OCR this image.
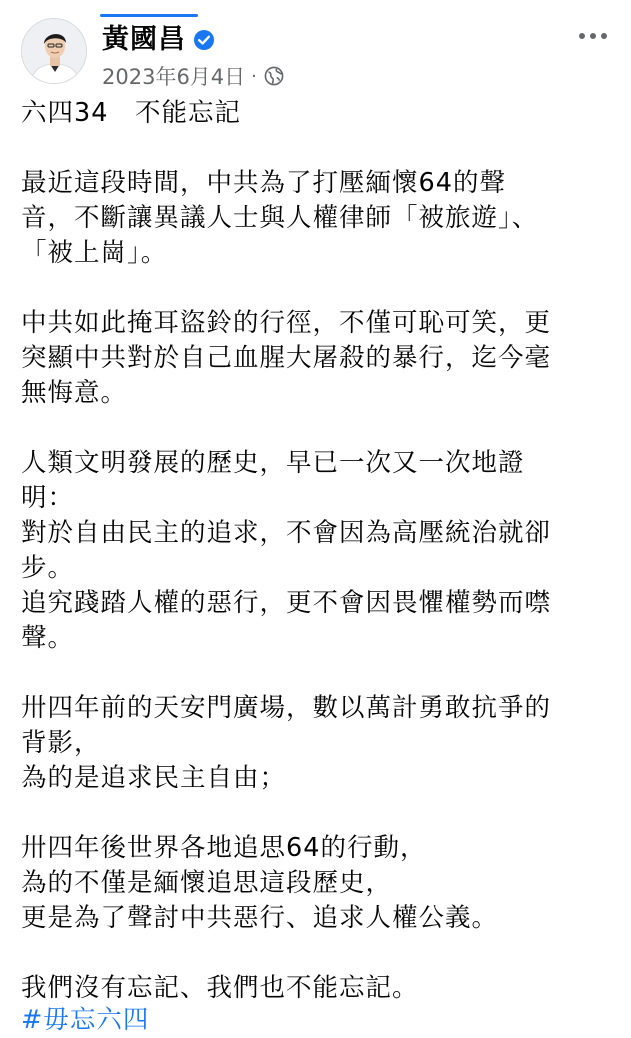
黃國昌
2023年6月4日 ·
六四34　不能忘記
最近這段時間，中共為了打壓緬懷64的聲
音，不斷讓異議人士與人權律師「被旅遊」、
「被上崗」。
中共如此掩耳盜鈴的行徑，不僅可恥可笑，更
突顯中共對於自己血腥大屠殺的暴行，迄今毫
無悔意。
人類文明發展的歷史，早已一次又一次地證
明：
對於自由民主的追求，不會因為高壓統治就卻
步。
追究踐踏人權的惡行，更不會因畏懼權勢而噤
聲。
卅四年前的天安門廣場，數以萬計勇敢抗爭的
背影，
為的是追求民主自由；
卅四年後世界各地追思64的行動，
為的不僅是緬懷追思這段歷史，
更是為了聲討中共惡行、追求人權公義。
我們沒有忘記、我們也不能忘記。
#毋忘六四
